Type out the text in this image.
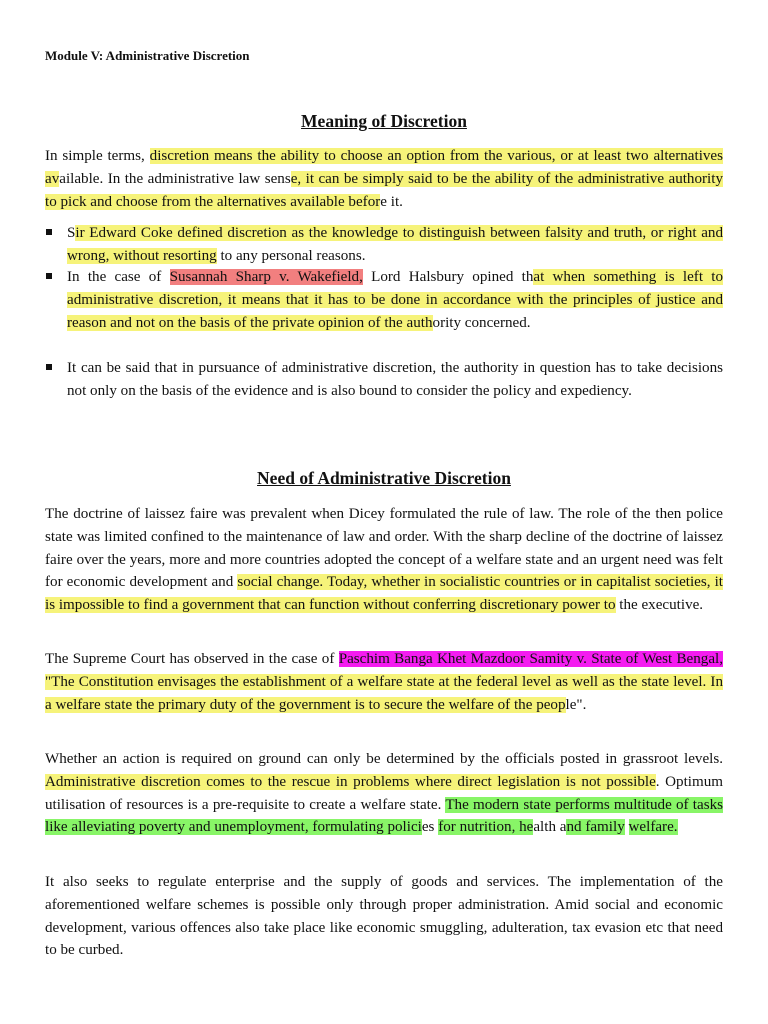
Module V: Administrative Discretion
Meaning of Discretion

In simple terms, discretion means the ability to choose an option from the various, or at least two alternatives available. In the administrative law sense, it can be simply said to be the ability of the administrative authority to pick and choose from the alternatives available before it.

Sir Edward Coke defined discretion as the knowledge to distinguish between falsity and truth, or right and wrong, without resorting to any personal reasons.

In the case of Susannah Sharp v. Wakefield, Lord Halsbury opined that when something is left to administrative discretion, it means that it has to be done in accordance with the principles of justice and reason and not on the basis of the private opinion of the authority concerned.

It can be said that in pursuance of administrative discretion, the authority in question has to take decisions not only on the basis of the evidence and is also bound to consider the policy and expediency.

Need of Administrative Discretion

The doctrine of laissez faire was prevalent when Dicey formulated the rule of law. The role of the then police state was limited confined to the maintenance of law and order. With the sharp decline of the doctrine of laissez faire over the years, more and more countries adopted the concept of a welfare state and an urgent need was felt for economic development and social change. Today, whether in socialistic countries or in capitalist societies, it is impossible to find a government that can function without conferring discretionary power to the executive.

The Supreme Court has observed in the case of Paschim Banga Khet Mazdoor Samity v. State of West Bengal, "The Constitution envisages the establishment of a welfare state at the federal level as well as the state level. In a welfare state the primary duty of the government is to secure the welfare of the people".

Whether an action is required on ground can only be determined by the officials posted in grassroot levels. Administrative discretion comes to the rescue in problems where direct legislation is not possible. Optimum utilisation of resources is a pre-requisite to create a welfare state. The modern state performs multitude of tasks like alleviating poverty and unemployment, formulating policies for nutrition, health and family welfare.

It also seeks to regulate enterprise and the supply of goods and services. The implementation of the aforementioned welfare schemes is possible only through proper administration. Amid social and economic development, various offences also take place like economic smuggling, adulteration, tax evasion etc that need to be curbed.
